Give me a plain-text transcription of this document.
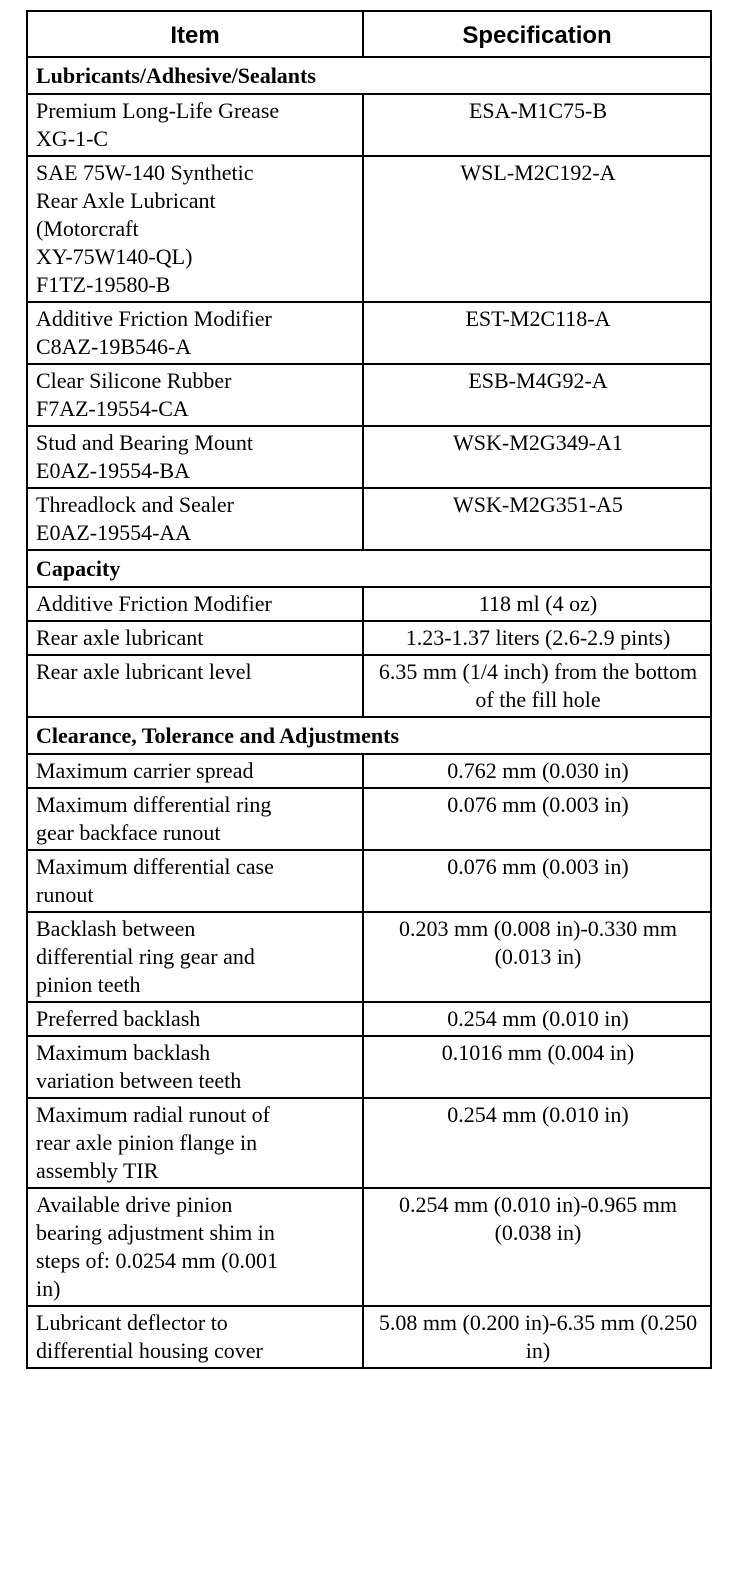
Item	Specification
Lubricants/Adhesive/Sealants	
Premium Long-Life Grease
XG-1-C	ESA-M1C75-B
SAE 75W-140 Synthetic
Rear Axle Lubricant
(Motorcraft
XY-75W140-QL)
F1TZ-19580-B	WSL-M2C192-A
Additive Friction Modifier
C8AZ-19B546-A	EST-M2C118-A
Clear Silicone Rubber
F7AZ-19554-CA	ESB-M4G92-A
Stud and Bearing Mount
E0AZ-19554-BA	WSK-M2G349-A1
Threadlock and Sealer
E0AZ-19554-AA	WSK-M2G351-A5
Capacity	
Additive Friction Modifier	118 ml (4 oz)
Rear axle lubricant	1.23-1.37 liters (2.6-2.9 pints)
Rear axle lubricant level	6.35 mm (1/4 inch) from the bottom of the fill hole
Clearance, Tolerance and Adjustments	
Maximum carrier spread	0.762 mm (0.030 in)
Maximum differential ring
gear backface runout	0.076 mm (0.003 in)
Maximum differential case
runout	0.076 mm (0.003 in)
Backlash between
differential ring gear and
pinion teeth	0.203 mm (0.008 in)-0.330 mm (0.013 in)
Preferred backlash	0.254 mm (0.010 in)
Maximum backlash
variation between teeth	0.1016 mm (0.004 in)
Maximum radial runout of
rear axle pinion flange in
assembly TIR	0.254 mm (0.010 in)
Available drive pinion
bearing adjustment shim in
steps of: 0.0254 mm (0.001
in)	0.254 mm (0.010 in)-0.965 mm (0.038 in)
Lubricant deflector to
differential housing cover	5.08 mm (0.200 in)-6.35 mm (0.250 in)
